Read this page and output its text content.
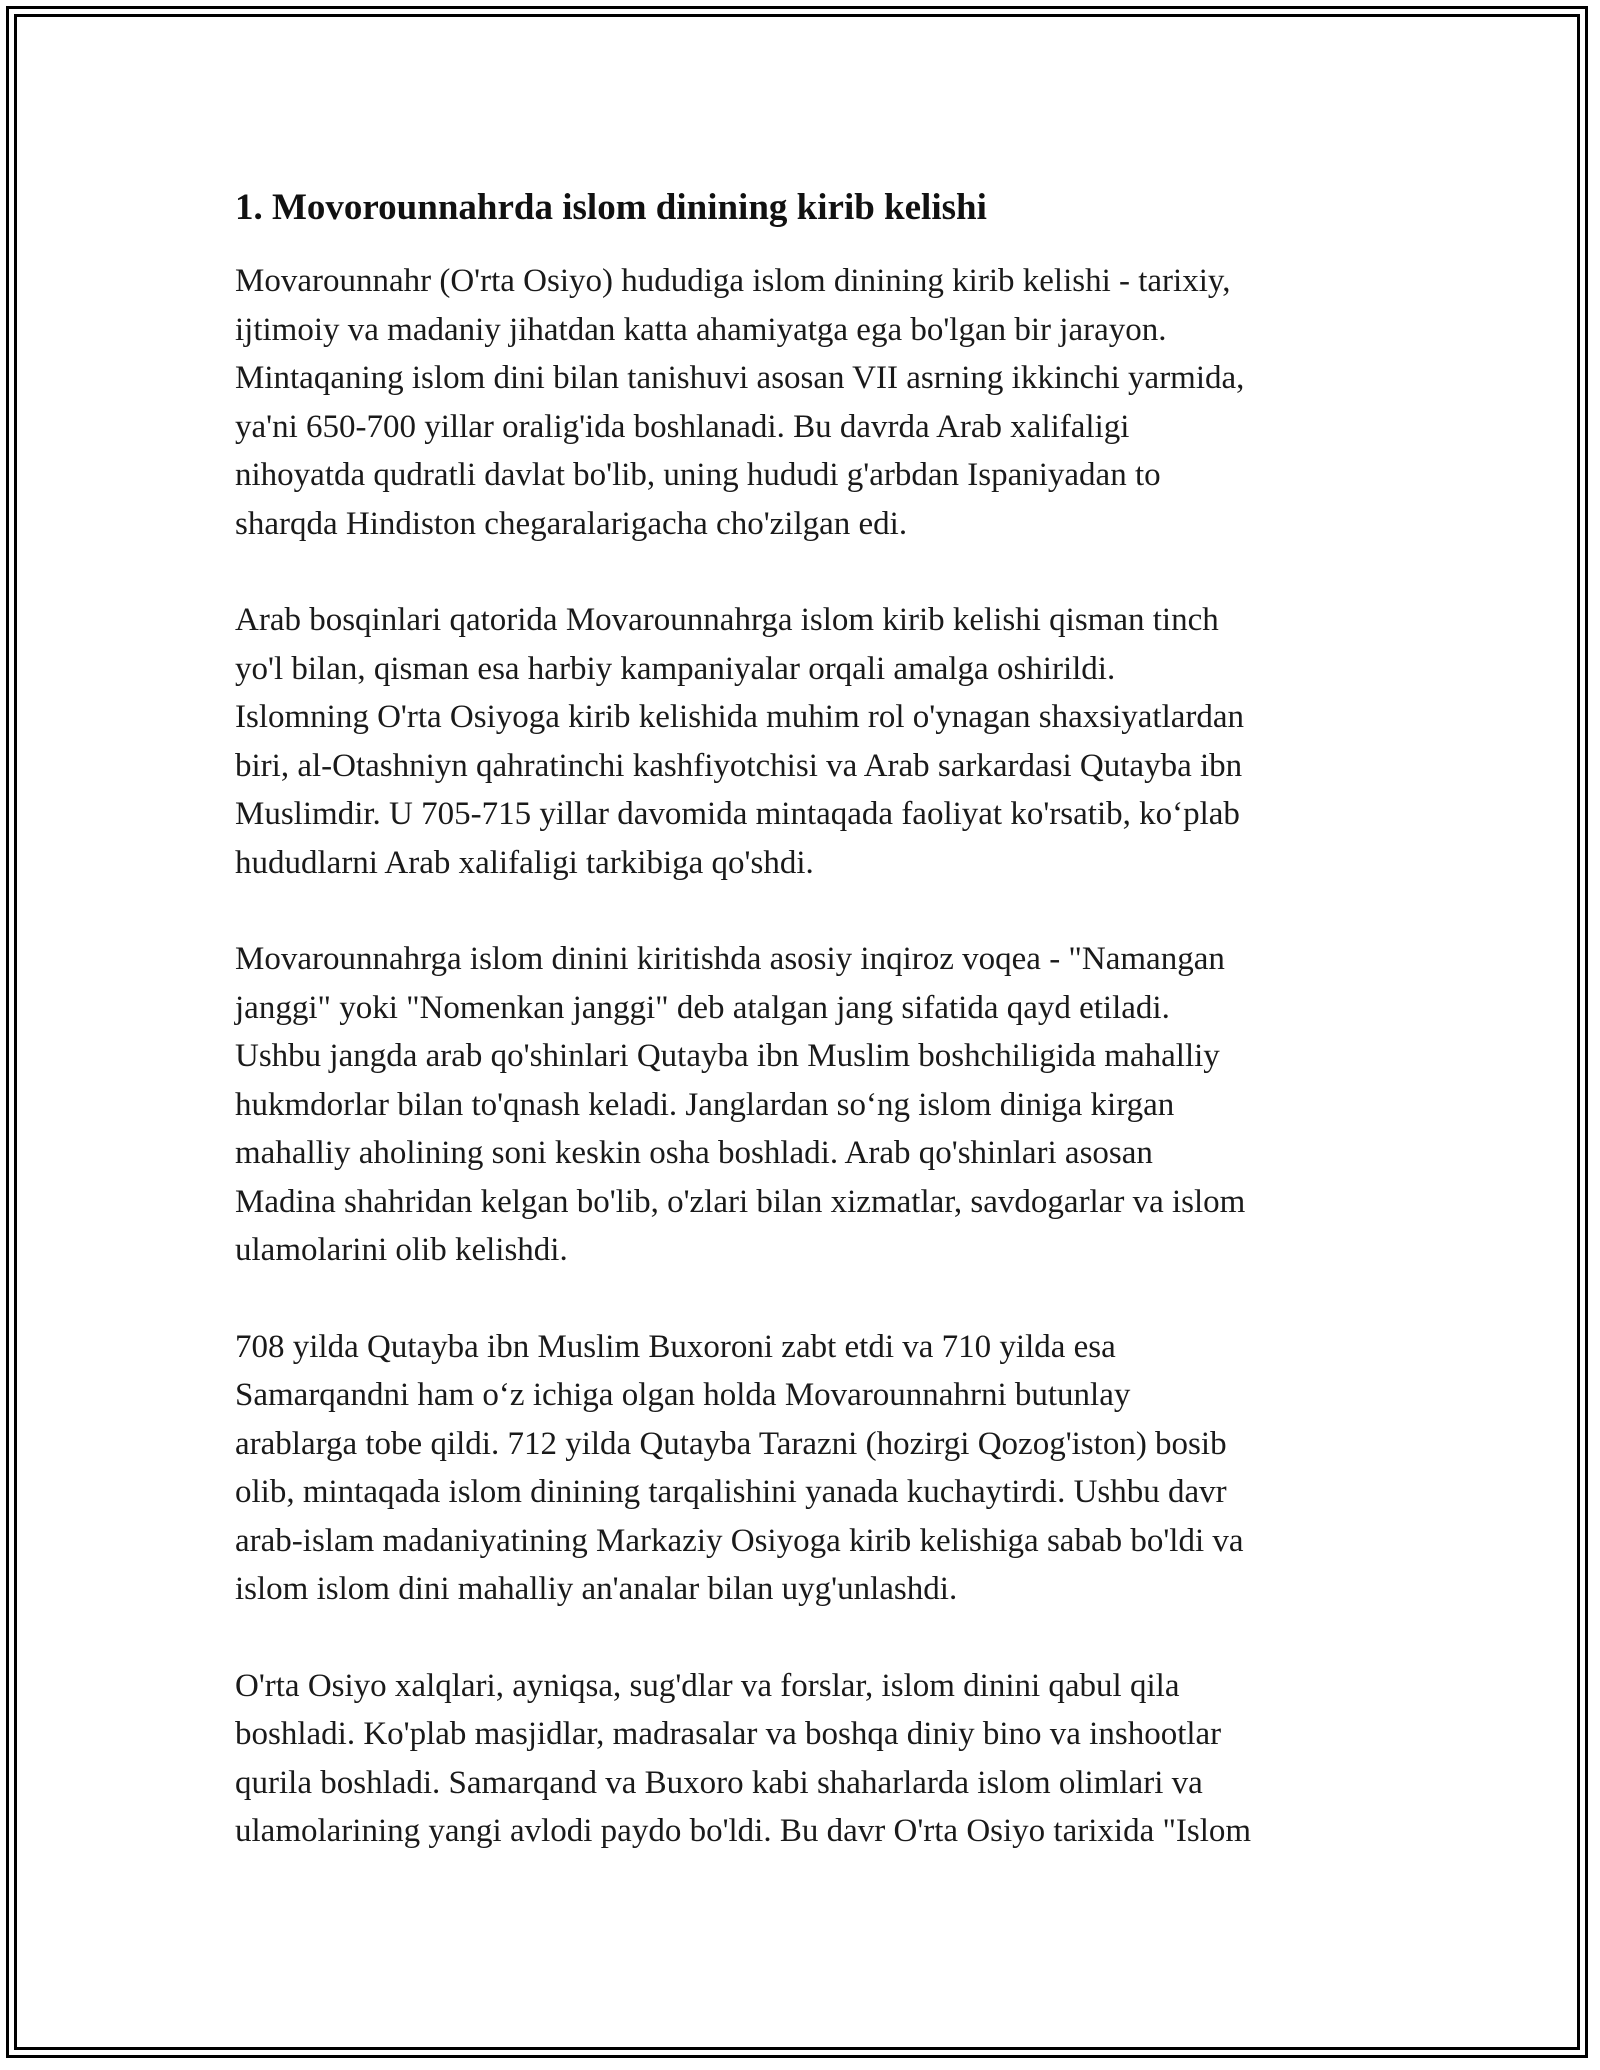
1. Movorounnahrda islom dinining kirib kelishi

Movarounnahr (O'rta Osiyo) hududiga islom dinining kirib kelishi - tarixiy,
ijtimoiy va madaniy jihatdan katta ahamiyatga ega bo'lgan bir jarayon.
Mintaqaning islom dini bilan tanishuvi asosan VII asrning ikkinchi yarmida,
ya'ni 650-700 yillar oralig'ida boshlanadi. Bu davrda Arab xalifaligi
nihoyatda qudratli davlat bo'lib, uning hududi g'arbdan Ispaniyadan to
sharqda Hindiston chegaralarigacha cho'zilgan edi.

Arab bosqinlari qatorida Movarounnahrga islom kirib kelishi qisman tinch
yo'l bilan, qisman esa harbiy kampaniyalar orqali amalga oshirildi.
Islomning O'rta Osiyoga kirib kelishida muhim rol o'ynagan shaxsiyatlardan
biri, al-Otashniyn qahratinchi kashfiyotchisi va Arab sarkardasi Qutayba ibn
Muslimdir. U 705-715 yillar davomida mintaqada faoliyat ko'rsatib, ko‘plab
hududlarni Arab xalifaligi tarkibiga qo'shdi.

Movarounnahrga islom dinini kiritishda asosiy inqiroz voqea - "Namangan
janggi" yoki "Nomenkan janggi" deb atalgan jang sifatida qayd etiladi.
Ushbu jangda arab qo'shinlari Qutayba ibn Muslim boshchiligida mahalliy
hukmdorlar bilan to'qnash keladi. Janglardan so‘ng islom diniga kirgan
mahalliy aholining soni keskin osha boshladi. Arab qo'shinlari asosan
Madina shahridan kelgan bo'lib, o'zlari bilan xizmatlar, savdogarlar va islom
ulamolarini olib kelishdi.

708 yilda Qutayba ibn Muslim Buxoroni zabt etdi va 710 yilda esa
Samarqandni ham o‘z ichiga olgan holda Movarounnahrni butunlay
arablarga tobe qildi. 712 yilda Qutayba Tarazni (hozirgi Qozog'iston) bosib
olib, mintaqada islom dinining tarqalishini yanada kuchaytirdi. Ushbu davr
arab-islam madaniyatining Markaziy Osiyoga kirib kelishiga sabab bo'ldi va
islom islom dini mahalliy an'analar bilan uyg'unlashdi.

O'rta Osiyo xalqlari, ayniqsa, sug'dlar va forslar, islom dinini qabul qila
boshladi. Ko'plab masjidlar, madrasalar va boshqa diniy bino va inshootlar
qurila boshladi. Samarqand va Buxoro kabi shaharlarda islom olimlari va
ulamolarining yangi avlodi paydo bo'ldi. Bu davr O'rta Osiyo tarixida "Islom
